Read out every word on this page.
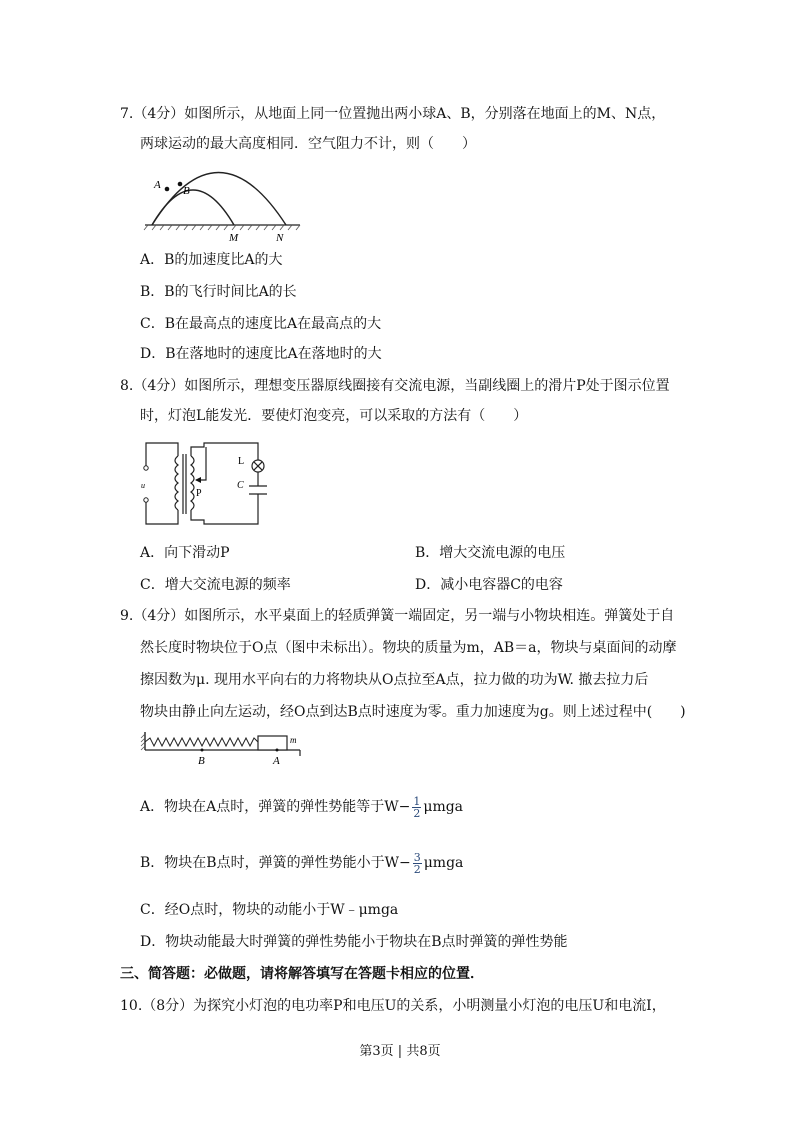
7.（4分）如图所示，从地面上同一位置抛出两小球A、B，分别落在地面上的M、N点，
两球运动的最大高度相同．空气阻力不计，则（　　）
A B
M	N
A．B的加速度比A的大
B．B的飞行时间比A的长
C．B在最高点的速度比A在最高点的大
D．B在落地时的速度比A在落地时的大
8.（4分）如图所示，理想变压器原线圈接有交流电源，当副线圈上的滑片P处于图示位置
时，灯泡L能发光．要使灯泡变亮，可以采取的方法有（　　）
u
P
L
C
A．向下滑动P	B．增大交流电源的电压
C．增大交流电源的频率	D．减小电容器C的电容
9.（4分）如图所示，水平桌面上的轻质弹簧一端固定，另一端与小物块相连。弹簧处于自
然长度时物块位于O点（图中未标出）。物块的质量为m，AB＝a，物块与桌面间的动摩
擦因数为μ. 现用水平向右的力将物块从O点拉至A点，拉力做的功为W. 撤去拉力后
物块由静止向左运动，经O点到达B点时速度为零。重力加速度为g。则上述过程中(　　)
B	A
m
A．物块在A点时，弹簧的弹性势能等于$W- \frac{1}{2}$ μmga
B．物块在B点时，弹簧的弹性势能小于$W- \frac{3}{2}$ μmga
C．经O点时，物块的动能小于W﹣μmga
D．物块动能最大时弹簧的弹性势能小于物块在B点时弹簧的弹性势能
三、简答题：必做题，请将解答填写在答题卡相应的位置．
10.（8分）为探究小灯泡的电功率P和电压U的关系，小明测量小灯泡的电压U和电流I，
第3页 | 共8页
